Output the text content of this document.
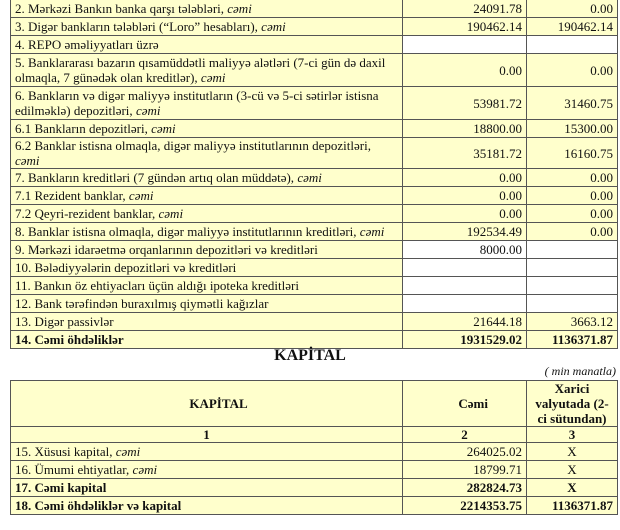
2. Mərkəzi Bankın banka qarşı tələbləri, cəmi	24091.78	0.00
3. Digər bankların tələbləri (“Loro” hesabları), cəmi	190462.14	190462.14
4. REPO əməliyyatları üzrə		
5. Banklararası bazarın qısamüddətli maliyyə alətləri (7-ci gün də daxil olmaqla, 7 günədək olan kreditlər), cəmi	0.00	0.00
6. Bankların və digər maliyyə institutların (3-cü və 5-ci sətirlər istisna edilməklə) depozitləri, cəmi	53981.72	31460.75
6.1 Bankların depozitləri, cəmi	18800.00	15300.00
6.2 Banklar istisna olmaqla, digər maliyyə institutlarının depozitləri, cəmi	35181.72	16160.75
7. Bankların kreditləri (7 gündən artıq olan müddətə), cəmi	0.00	0.00
7.1 Rezident banklar, cəmi	0.00	0.00
7.2 Qeyri-rezident banklar, cəmi	0.00	0.00
8. Banklar istisna olmaqla, digər maliyyə institutlarının kreditləri, cəmi	192534.49	0.00
9. Mərkəzi idarəetmə orqanlarının depozitləri və kreditləri	8000.00	
10. Bələdiyyələrin depozitləri və kreditləri		
11. Bankın öz ehtiyacları üçün aldığı ipoteka kreditləri		
12. Bank tərəfindən buraxılmış qiymətli kağızlar		
13. Digər passivlər	21644.18	3663.12
14. Cəmi öhdəliklər	1931529.02	1136371.87
KAPİTAL
( min manatla)
KAPİTAL	Cəmi	Xarici valyutada (2-ci sütundan)
1	2	3
15. Xüsusi kapital, cəmi	264025.02	X
16. Ümumi ehtiyatlar, cəmi	18799.71	X
17. Cəmi kapital	282824.73	X
18. Cəmi öhdəliklər və kapital	2214353.75	1136371.87
